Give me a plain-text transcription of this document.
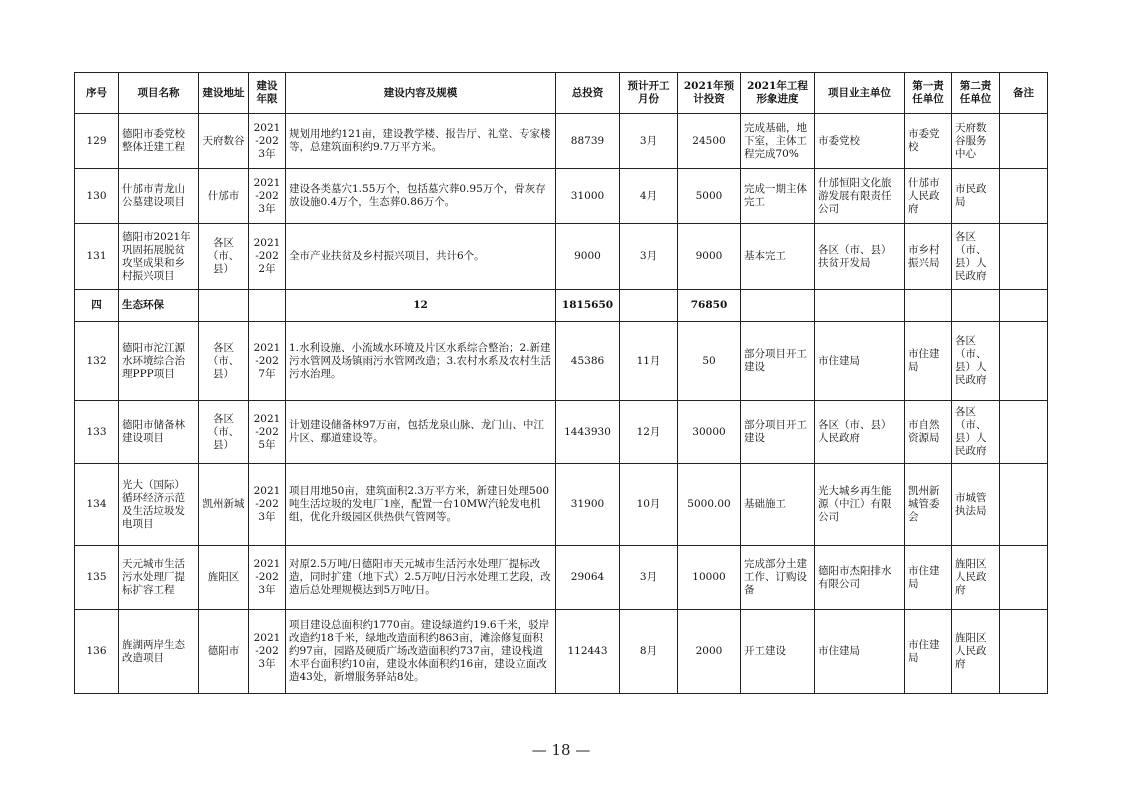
序号	项目名称	建设地址	建设年限	建设内容及规模	总投资	预计开工月份	2021年预计投资	2021年工程形象进度	项目业主单位	第一责任单位	第二责任单位	备注
129	德阳市委党校整体迁建工程	天府数谷	2021-2023年	规划用地约121亩，建设教学楼、报告厅、礼堂、专家楼等，总建筑面积约9.7万平方米。	88739	3月	24500	完成基础，地下室，主体工程完成70%	市委党校	市委党校	天府数谷服务中心	
130	什邡市青龙山公墓建设项目	什邡市	2021-2023年	建设各类墓穴1.55万个，包括墓穴葬0.95万个，骨灰存放设施0.4万个，生态葬0.86万个。	31000	4月	5000	完成一期主体完工	什邡恒阳文化旅游发展有限责任公司	什邡市人民政府	市民政局	
131	德阳市2021年巩固拓展脱贫攻坚成果和乡村振兴项目	各区（市、县）	2021-2022年	全市产业扶贫及乡村振兴项目，共计6个。	9000	3月	9000	基本完工	各区（市、县）扶贫开发局	市乡村振兴局	各区（市、县）人民政府	
四	生态环保			12	1815650		76850					
132	德阳市沱江源水环境综合治理PPP项目	各区（市、县）	2021-2027年	1.水利设施、小流域水环境及片区水系综合整治；2.新建污水管网及场镇雨污水管网改造；3.农村水系及农村生活污水治理。	45386	11月	50	部分项目开工建设	市住建局	市住建局	各区（市、县）人民政府	
133	德阳市储备林建设项目	各区（市、县）	2021-2025年	计划建设储备林97万亩，包括龙泉山脉、龙门山、中江片区、鄢道建设等。	1443930	12月	30000	部分项目开工建设	各区（市、县）人民政府	市自然资源局	各区（市、县）人民政府	
134	光大（国际）循环经济示范及生活垃圾发电项目	凯州新城	2021-2023年	项目用地50亩，建筑面积2.3万平方米，新建日处理500吨生活垃圾的发电厂1座，配置一台10MW汽轮发电机组，优化升级园区供热供气管网等。	31900	10月	5000.00	基础施工	光大城乡再生能源（中江）有限公司	凯州新城管委会	市城管执法局	
135	天元城市生活污水处理厂提标扩容工程	旌阳区	2021-2023年	对原2.5万吨/日德阳市天元城市生活污水处理厂提标改造，同时扩建（地下式）2.5万吨/日污水处理工艺段，改造后总处理规模达到5万吨/日。	29064	3月	10000	完成部分土建工作、订购设备	德阳市杰阳排水有限公司	市住建局	旌阳区人民政府	
136	旌湖两岸生态改造项目	德阳市	2021-2023年	项目建设总面积约1770亩。建设绿道约19.6千米，驳岸改造约18千米，绿地改造面积约863亩，滩涂修复面积约97亩，园路及硬质广场改造面积约737亩，建设栈道木平台面积约10亩，建设水体面积约16亩，建设立面改造43处，新增服务驿站8处。	112443	8月	2000	开工建设	市住建局	市住建局	旌阳区人民政府	
— 18 —
